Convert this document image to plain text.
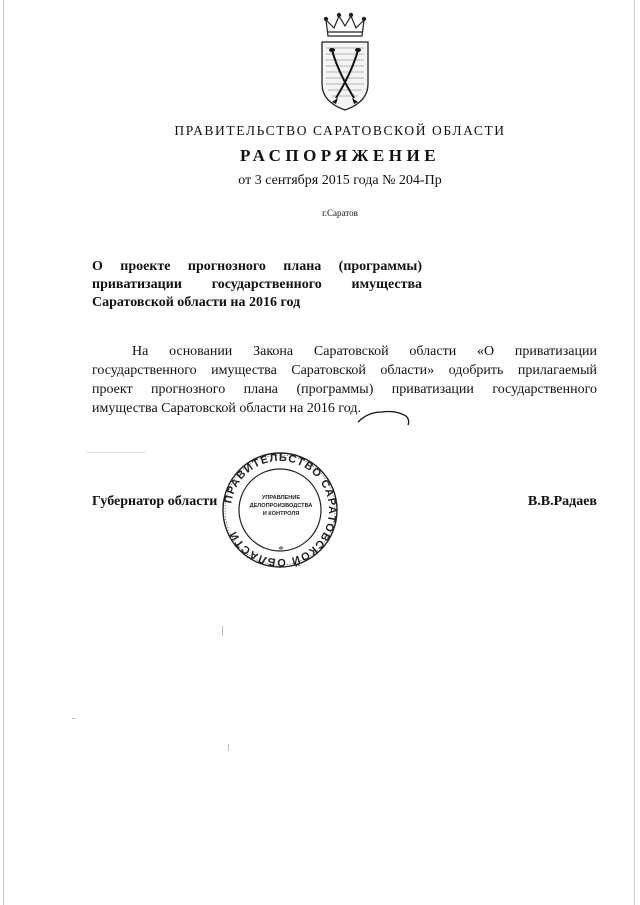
ПРАВИТЕЛЬСТВО САРАТОВСКОЙ ОБЛАСТИ
РАСПОРЯЖЕНИЕ
от 3 сентября 2015 года № 204-Пр
г.Саратов
О проекте прогнозного плана (программы)
приватизации государственного имущества
Саратовской области на 2016 год
На основании Закона Саратовской области «О приватизации
государственного имущества Саратовской области» одобрить прилагаемый
проект прогнозного плана (программы) приватизации государственного
имущества Саратовской области на 2016 год.
ПРАВИТЕЛЬСТВО САРАТОВСКОЙ ОБЛАСТИ
УПРАВЛЕНИЕ
ДЕЛОПРОИЗВОДСТВА
И КОНТРОЛЯ
*
Губернатор области	В.В.Радаев
